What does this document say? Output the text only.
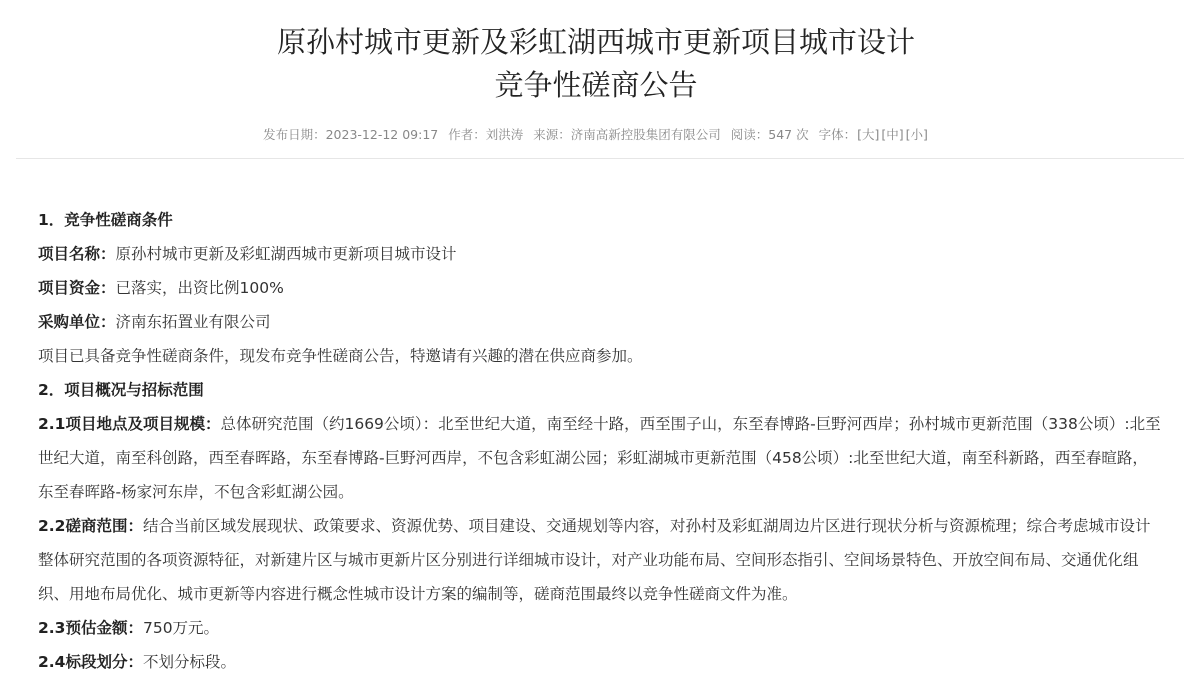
原孙村城市更新及彩虹湖西城市更新项目城市设计
竞争性磋商公告
发布日期：2023-12-12 09:17 作者：刘洪涛 来源：济南高新控股集团有限公司 阅读：547 次 字体：[大] [中] [小]

1．竞争性磋商条件

项目名称：原孙村城市更新及彩虹湖西城市更新项目城市设计

项目资金：已落实，出资比例100%

采购单位：济南东拓置业有限公司

项目已具备竞争性磋商条件，现发布竞争性磋商公告，特邀请有兴趣的潜在供应商参加。

2．项目概况与招标范围

2.1项目地点及项目规模：总体研究范围（约1669公顷）：北至世纪大道，南至经十路，西至围子山，东至春博路-巨野河西岸；孙村城市更新范围（338公顷）:北至世纪大道，南至科创路，西至春晖路，东至春博路-巨野河西岸，不包含彩虹湖公园；彩虹湖城市更新范围（458公顷）:北至世纪大道，南至科新路，西至春暄路，东至春晖路-杨家河东岸，不包含彩虹湖公园。

2.2磋商范围：结合当前区域发展现状、政策要求、资源优势、项目建设、交通规划等内容，对孙村及彩虹湖周边片区进行现状分析与资源梳理；综合考虑城市设计整体研究范围的各项资源特征，对新建片区与城市更新片区分别进行详细城市设计，对产业功能布局、空间形态指引、空间场景特色、开放空间布局、交通优化组织、用地布局优化、城市更新等内容进行概念性城市设计方案的编制等，磋商范围最终以竞争性磋商文件为准。

2.3预估金额：750万元。

2.4标段划分：不划分标段。
